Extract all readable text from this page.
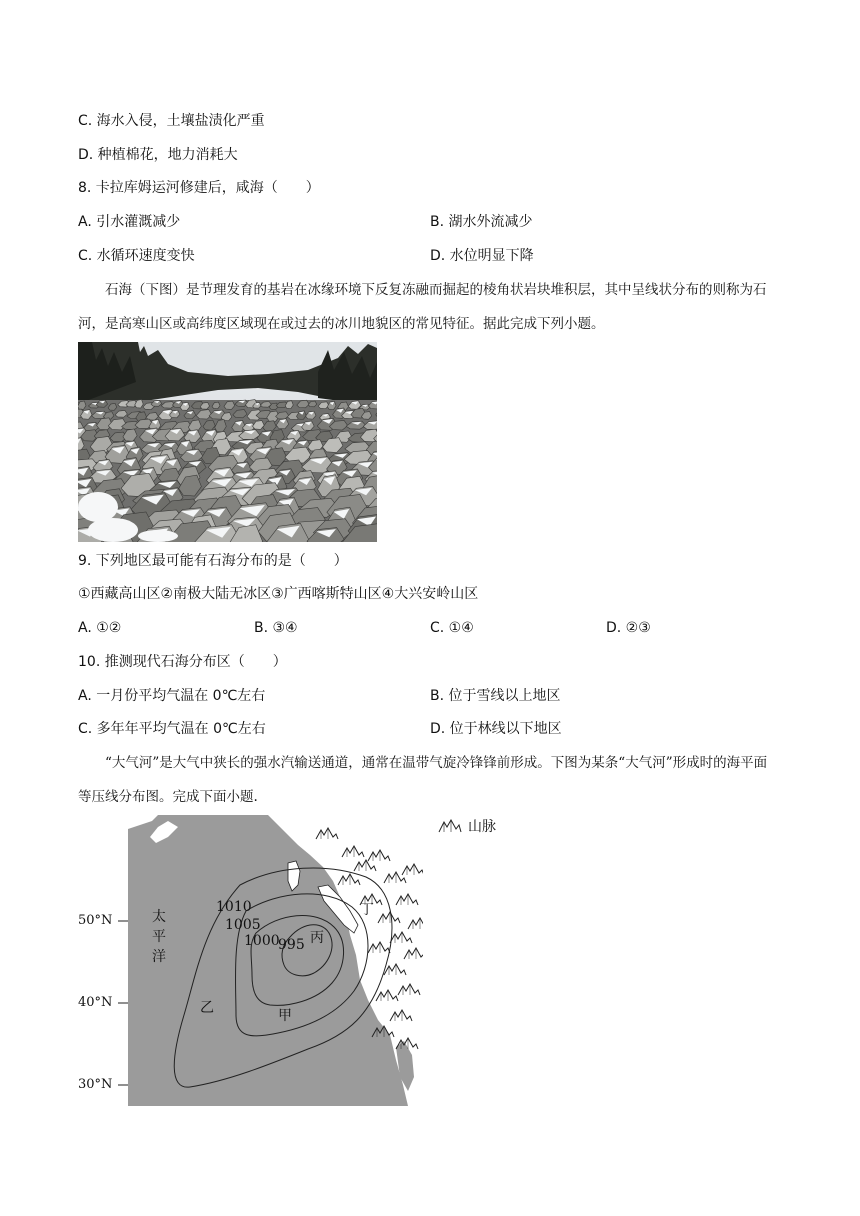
C. 海水入侵，土壤盐渍化严重
D. 种植棉花，地力消耗大
8. 卡拉库姆运河修建后，咸海（　　）
A. 引水灌溉减少	B. 湖水外流减少
C. 水循环速度变快	D. 水位明显下降
石海（下图）是节理发育的基岩在冰缘环境下反复冻融而掘起的棱角状岩块堆积层，其中呈线状分布的则称为石河，是高寒山区或高纬度区域现在或过去的冰川地貌区的常见特征。据此完成下列小题。
9. 下列地区最可能有石海分布的是（　　）
①西藏高山区②南极大陆无冰区③广西喀斯特山区④大兴安岭山区
A. ①②	B. ③④	C. ①④	D. ②③
10. 推测现代石海分布区（　　）
A. 一月份平均气温在 0℃左右	B. 位于雪线以上地区
C. 多年年平均气温在 0℃左右	D. 位于林线以下地区
“大气河”是大气中狭长的强水汽输送通道，通常在温带气旋冷锋锋前形成。下图为某条“大气河”形成时的海平面等压线分布图。完成下面小题.
1010
1005
1000
995
太平洋
甲
乙
丙
丁
50°N
40°N
30°N
山脉
